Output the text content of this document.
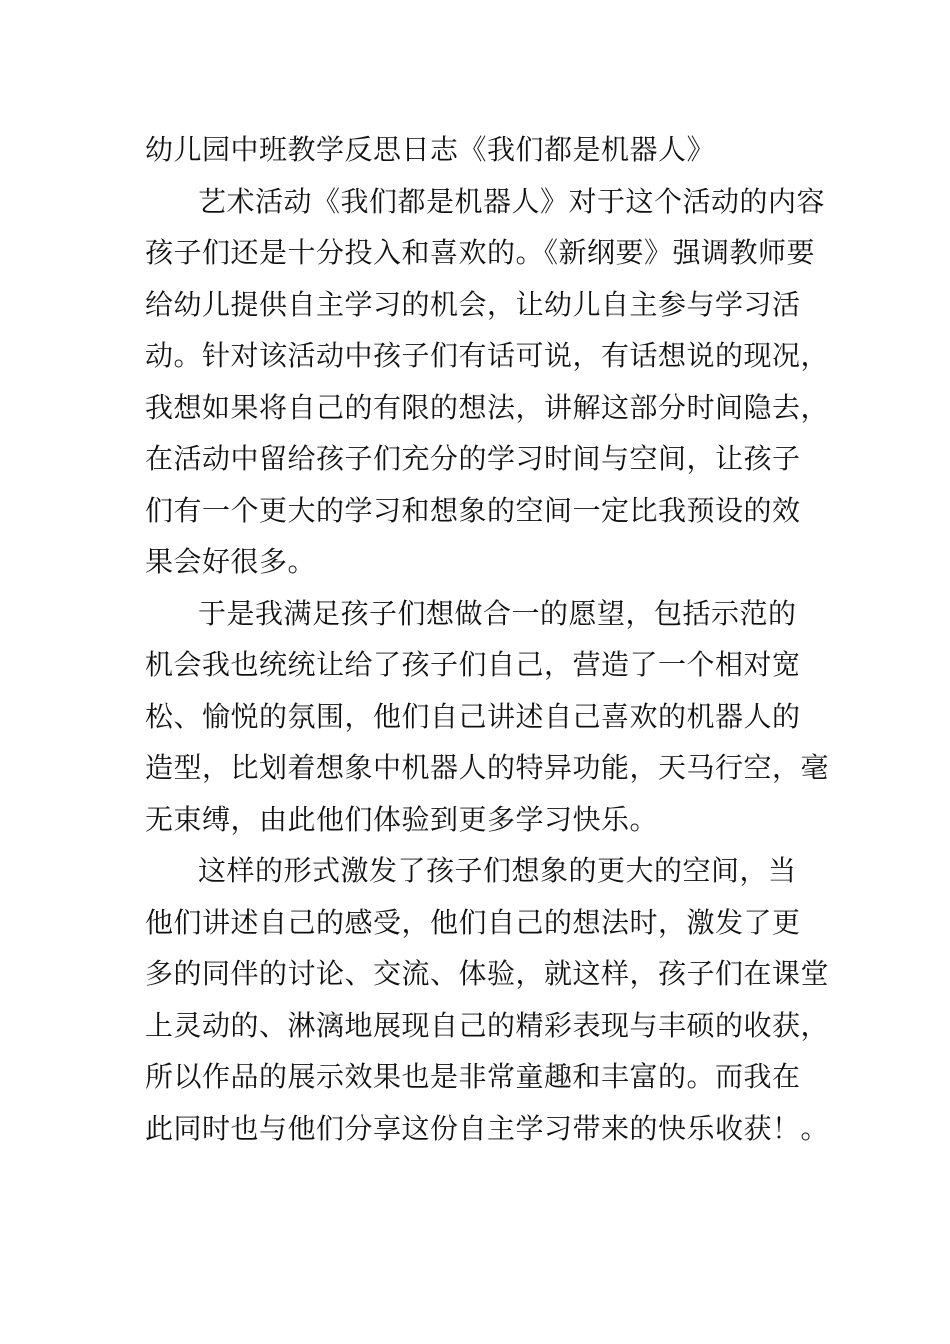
幼儿园中班教学反思日志《我们都是机器人》

艺术活动《我们都是机器人》对于这个活动的内容
孩子们还是十分投入和喜欢的。《新纲要》强调教师要
给幼儿提供自主学习的机会，让幼儿自主参与学习活
动。针对该活动中孩子们有话可说，有话想说的现况，
我想如果将自己的有限的想法，讲解这部分时间隐去，
在活动中留给孩子们充分的学习时间与空间，让孩子
们有一个更大的学习和想象的空间一定比我预设的效
果会好很多。

于是我满足孩子们想做合一的愿望，包括示范的
机会我也统统让给了孩子们自己，营造了一个相对宽
松、愉悦的氛围，他们自己讲述自己喜欢的机器人的
造型，比划着想象中机器人的特异功能，天马行空，毫
无束缚，由此他们体验到更多学习快乐。

这样的形式激发了孩子们想象的更大的空间，当
他们讲述自己的感受，他们自己的想法时，激发了更
多的同伴的讨论、交流、体验，就这样，孩子们在课堂
上灵动的、淋漓地展现自己的精彩表现与丰硕的收获，
所以作品的展示效果也是非常童趣和丰富的。而我在
此同时也与他们分享这份自主学习带来的快乐收获！。
